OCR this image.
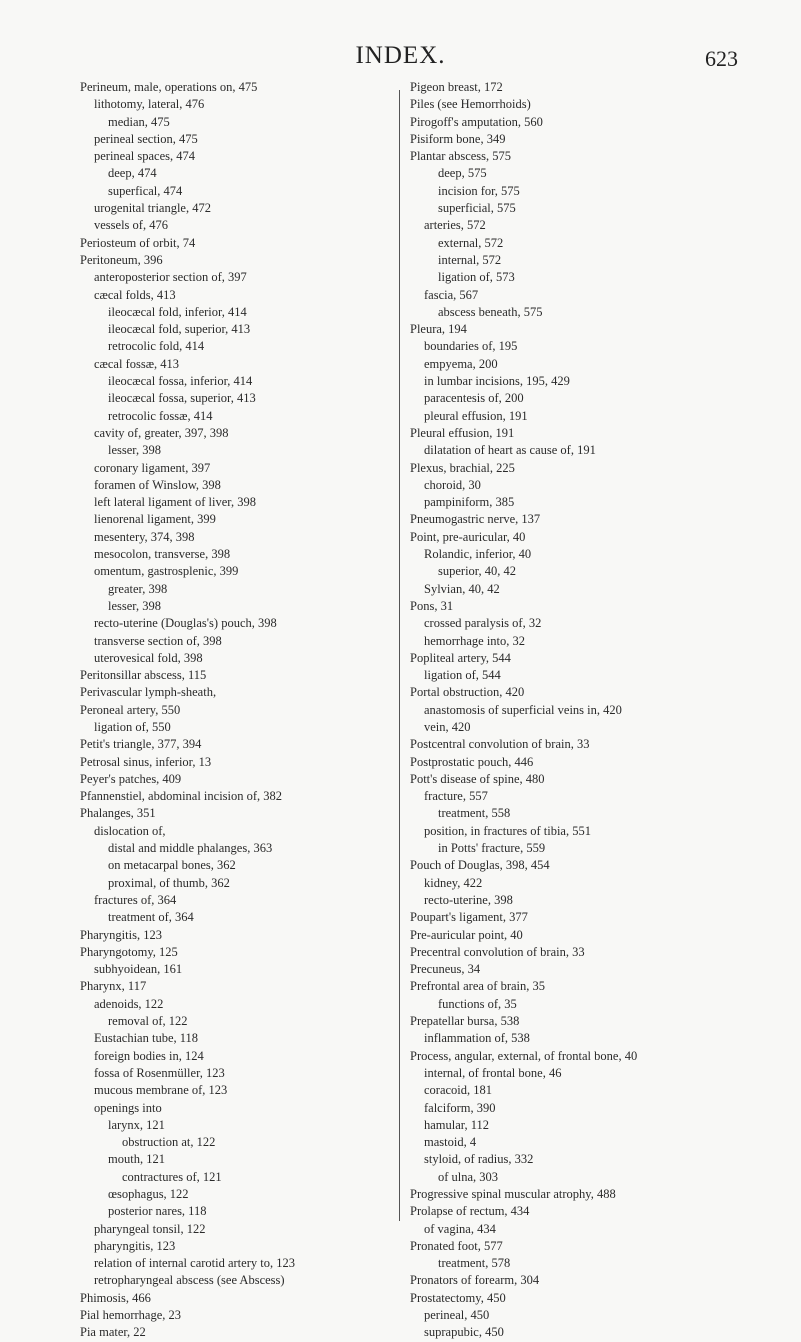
INDEX.	623
Perineum, male, operations on, 475
lithotomy, lateral, 476
median, 475
perineal section, 475
perineal spaces, 474
deep, 474
superfical, 474
urogenital triangle, 472
vessels of, 476
Periosteum of orbit, 74
Peritoneum, 396
anteroposterior section of, 397
cæcal folds, 413
ileocæcal fold, inferior, 414
ileocæcal fold, superior, 413
retrocolic fold, 414
cæcal fossæ, 413
ileocæcal fossa, inferior, 414
ileocæcal fossa, superior, 413
retrocolic fossæ, 414
cavity of, greater, 397, 398
lesser, 398
coronary ligament, 397
foramen of Winslow, 398
left lateral ligament of liver, 398
lienorenal ligament, 399
mesentery, 374, 398
mesocolon, transverse, 398
omentum, gastrosplenic, 399
greater, 398
lesser, 398
recto-uterine (Douglas's) pouch, 398
transverse section of, 398
uterovesical fold, 398
Peritonsillar abscess, 115
Perivascular lymph-sheath,
Peroneal artery, 550
ligation of, 550
Petit's triangle, 377, 394
Petrosal sinus, inferior, 13
Peyer's patches, 409
Pfannenstiel, abdominal incision of, 382
Phalanges, 351
dislocation of,
distal and middle phalanges, 363
on metacarpal bones, 362
proximal, of thumb, 362
fractures of, 364
treatment of, 364
Pharyngitis, 123
Pharyngotomy, 125
subhyoidean, 161
Pharynx, 117
adenoids, 122
removal of, 122
Eustachian tube, 118
foreign bodies in, 124
fossa of Rosenmüller, 123
mucous membrane of, 123
openings into
larynx, 121
obstruction at, 122
mouth, 121
contractures of, 121
œsophagus, 122
posterior nares, 118
pharyngeal tonsil, 122
pharyngitis, 123
relation of internal carotid artery to, 123
retropharyngeal abscess (see Abscess)
Phimosis, 466
Pial hemorrhage, 23
Pia mater, 22
Pigeon breast, 172
Piles (see Hemorrhoids)
Pirogoff's amputation, 560
Pisiform bone, 349
Plantar abscess, 575
deep, 575
incision for, 575
superficial, 575
arteries, 572
external, 572
internal, 572
ligation of, 573
fascia, 567
abscess beneath, 575
Pleura, 194
boundaries of, 195
empyema, 200
in lumbar incisions, 195, 429
paracentesis of, 200
pleural effusion, 191
Pleural effusion, 191
dilatation of heart as cause of, 191
Plexus, brachial, 225
choroid, 30
pampiniform, 385
Pneumogastric nerve, 137
Point, pre-auricular, 40
Rolandic, inferior, 40
superior, 40, 42
Sylvian, 40, 42
Pons, 31
crossed paralysis of, 32
hemorrhage into, 32
Popliteal artery, 544
ligation of, 544
Portal obstruction, 420
anastomosis of superficial veins in, 420
vein, 420
Postcentral convolution of brain, 33
Postprostatic pouch, 446
Pott's disease of spine, 480
fracture, 557
treatment, 558
position, in fractures of tibia, 551
in Potts' fracture, 559
Pouch of Douglas, 398, 454
kidney, 422
recto-uterine, 398
Poupart's ligament, 377
Pre-auricular point, 40
Precentral convolution of brain, 33
Precuneus, 34
Prefrontal area of brain, 35
functions of, 35
Prepatellar bursa, 538
inflammation of, 538
Process, angular, external, of frontal bone, 40
internal, of frontal bone, 46
coracoid, 181
falciform, 390
hamular, 112
mastoid, 4
styloid, of radius, 332
of ulna, 303
Progressive spinal muscular atrophy, 488
Prolapse of rectum, 434
of vagina, 434
Pronated foot, 577
treatment, 578
Pronators of forearm, 304
Prostatectomy, 450
perineal, 450
suprapubic, 450
